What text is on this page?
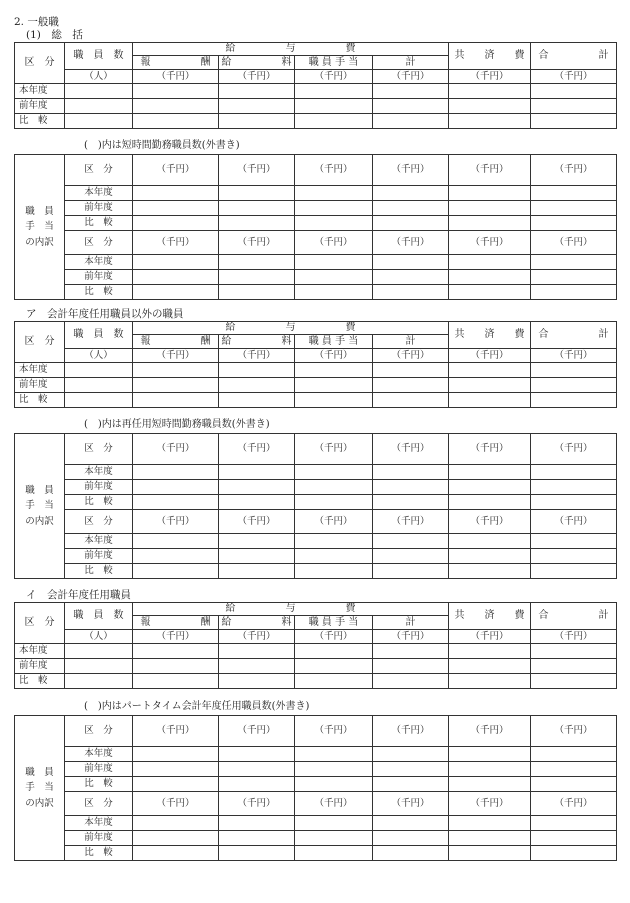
2. 一般職
(1)　総　括
区　分	職　員　数	給　　　　　与　　　　　費				共　　済　　費	合　　　　　計
		報　　　　　酬	給　　　　　料	職 員 手 当	計		
	（人）	（千円）	（千円）	（千円）	（千円）	（千円）	（千円）
本年度							
前年度							
比　較							
(　)内は短時間勤務職員数(外書き)
職　員
手　当
の内訳	区　分	（千円）	（千円）	（千円）	（千円）	（千円）	（千円）
	本年度						
	前年度						
	比　較						
	区　分	（千円）	（千円）	（千円）	（千円）	（千円）	（千円）
	本年度						
	前年度						
	比　較						
ア　会計年度任用職員以外の職員
区　分	職　員　数	給　　　　　与　　　　　費				共　　済　　費	合　　　　　計
		報　　　　　酬	給　　　　　料	職 員 手 当	計		
	（人）	（千円）	（千円）	（千円）	（千円）	（千円）	（千円）
本年度							
前年度							
比　較							
(　)内は再任用短時間勤務職員数(外書き)
職　員
手　当
の内訳	区　分	（千円）	（千円）	（千円）	（千円）	（千円）	（千円）
	本年度						
	前年度						
	比　較						
	区　分	（千円）	（千円）	（千円）	（千円）	（千円）	（千円）
	本年度						
	前年度						
	比　較						
イ　会計年度任用職員
区　分	職　員　数	給　　　　　与　　　　　費				共　　済　　費	合　　　　　計
		報　　　　　酬	給　　　　　料	職 員 手 当	計		
	（人）	（千円）	（千円）	（千円）	（千円）	（千円）	（千円）
本年度							
前年度							
比　較							
(　)内はパートタイム会計年度任用職員数(外書き)
職　員
手　当
の内訳	区　分	（千円）	（千円）	（千円）	（千円）	（千円）	（千円）
	本年度						
	前年度						
	比　較						
	区　分	（千円）	（千円）	（千円）	（千円）	（千円）	（千円）
	本年度						
	前年度						
	比　較						
